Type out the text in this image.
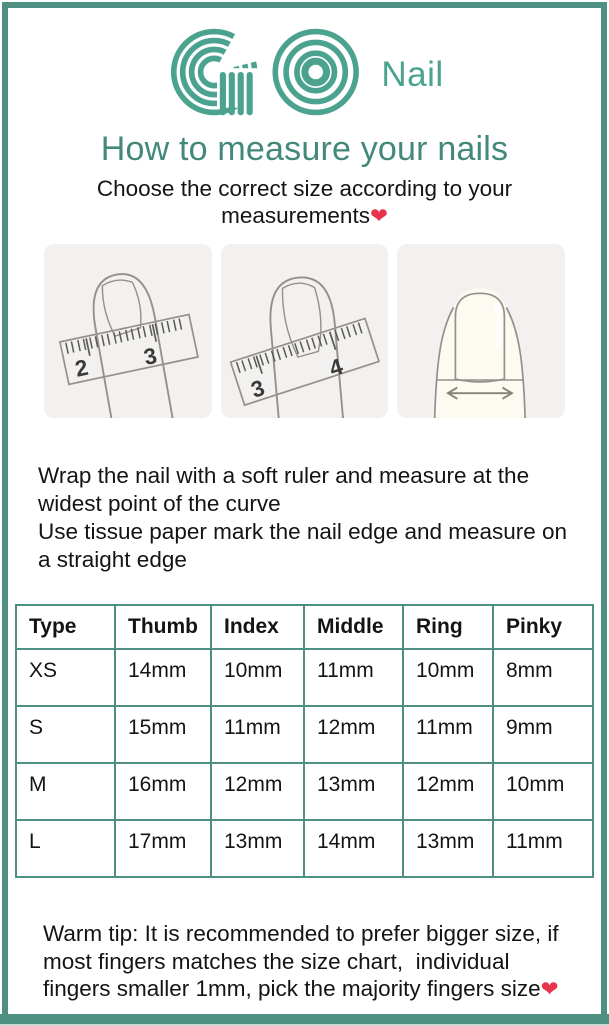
Nail
How to measure your nails

Choose the correct size according to your
measurements❤

2 3
3
4

Wrap the nail with a soft ruler and measure at the widest point of the curve

Use tissue paper mark the nail edge and measure on a straight edge

Type	Thumb	Index	Middle	Ring	Pinky
XS	14mm	10mm	11mm	10mm	8mm
S	15mm	11mm	12mm	11mm	9mm
M	16mm	12mm	13mm	12mm	10mm
L	17mm	13mm	14mm	13mm	11mm

Warm tip: It is recommended to prefer bigger size, if most fingers matches the size chart,  individual fingers smaller 1mm, pick the majority fingers size❤
